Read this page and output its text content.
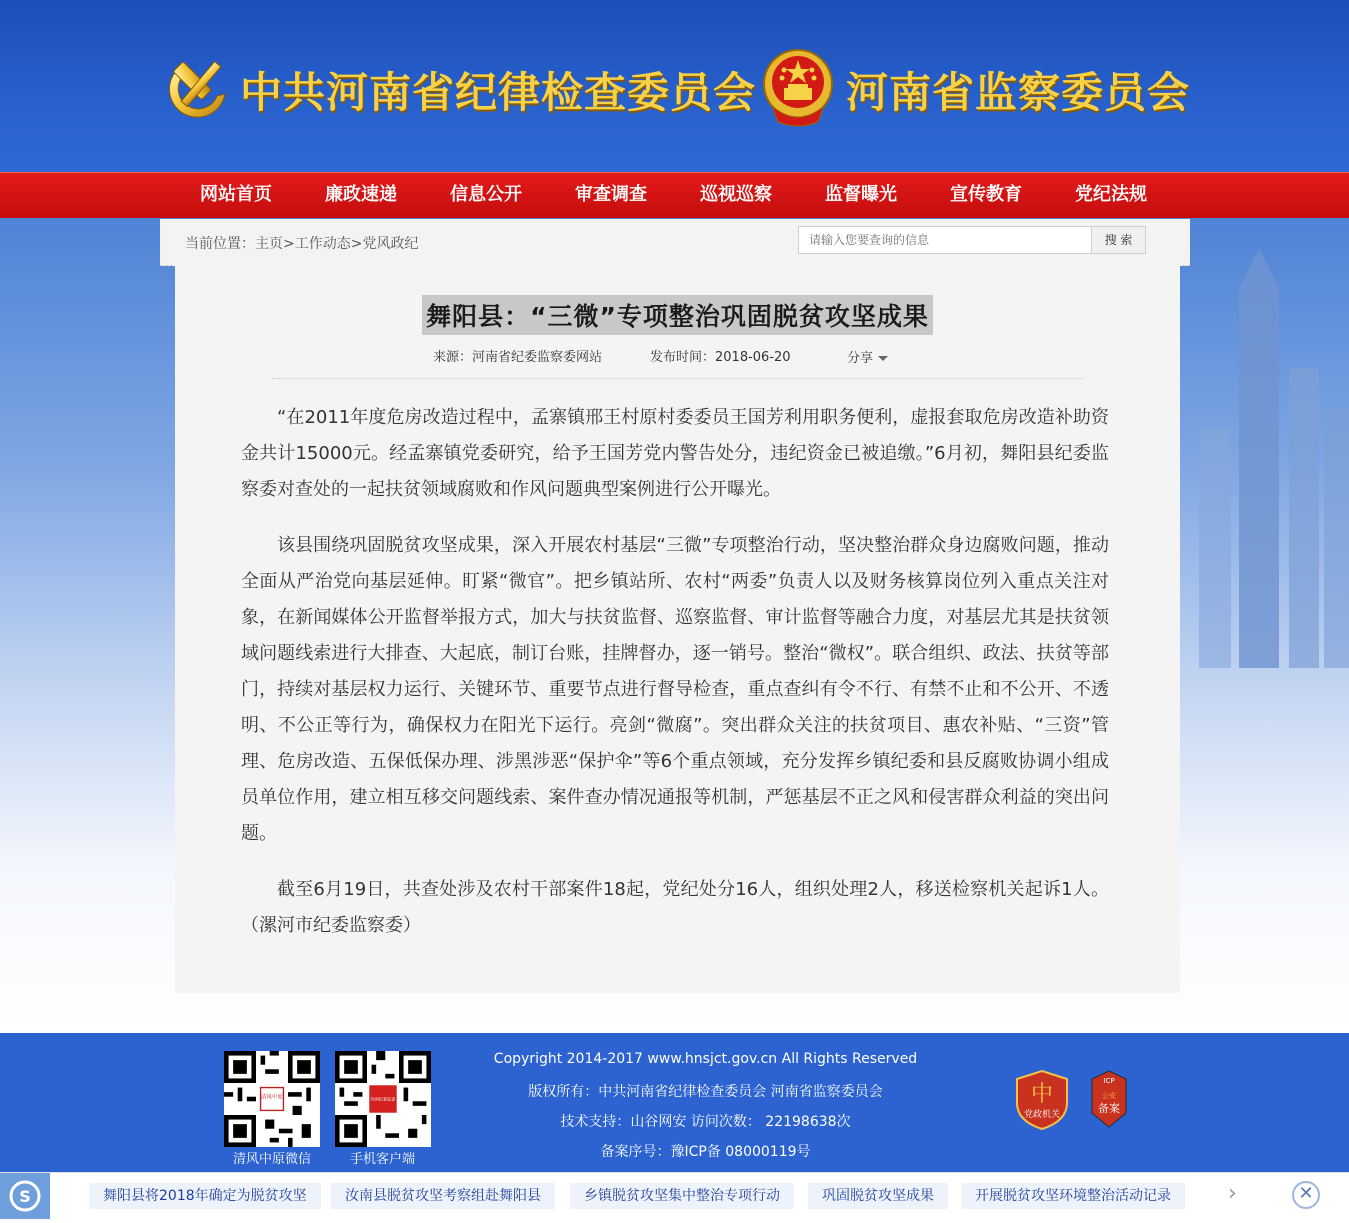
中共河南省纪律检查委员会 河南省监察委员会
网站首页	廉政速递	信息公开	审查调查	巡视巡察	监督曝光	宣传教育	党纪法规
当前位置：主页>工作动态>党风政纪
请输入您要查询的信息	搜 索
舞阳县：“三微”专项整治巩固脱贫攻坚成果
来源：河南省纪委监察委网站	发布时间：2018-06-20	分享

“在2011年度危房改造过程中，孟寨镇邢王村原村委委员王国芳利用职务便利，虚报套取危房改造补助资金共计15000元。经孟寨镇党委研究，给予王国芳党内警告处分，违纪资金已被追缴。”6月初，舞阳县纪委监察委对查处的一起扶贫领域腐败和作风问题典型案例进行公开曝光。

该县围绕巩固脱贫攻坚成果，深入开展农村基层“三微”专项整治行动，坚决整治群众身边腐败问题，推动全面从严治党向基层延伸。盯紧“微官”。把乡镇站所、农村“两委”负责人以及财务核算岗位列入重点关注对象，在新闻媒体公开监督举报方式，加大与扶贫监督、巡察监督、审计监督等融合力度，对基层尤其是扶贫领域问题线索进行大排查、大起底，制订台账，挂牌督办，逐一销号。整治“微权”。联合组织、政法、扶贫等部门，持续对基层权力运行、关键环节、重要节点进行督导检查，重点查纠有令不行、有禁不止和不公开、不透明、不公正等行为，确保权力在阳光下运行。亮剑“微腐”。突出群众关注的扶贫项目、惠农补贴、“三资”管理、危房改造、五保低保办理、涉黑涉恶“保护伞”等6个重点领域，充分发挥乡镇纪委和县反腐败协调小组成员单位作用，建立相互移交问题线索、案件查办情况通报等机制，严惩基层不正之风和侵害群众利益的突出问题。

截至6月19日，共查处涉及农村干部案件18起，党纪处分16人，组织处理2人，移送检察机关起诉1人。（漯河市纪委监察委）

清风中原
清风中原微信	手机客户端
Copyright 2014-2017 www.hnsjct.gov.cn All Rights Reserved
版权所有：中共河南省纪律检查委员会 河南省监察委员会
技术支持：山谷网安 访问次数： 22198638次
备案序号：豫ICP备 08000119号
中
党政机关
ICP
公安
备案
S	舞阳县将2018年确定为脱贫攻坚	汝南县脱贫攻坚考察组赴舞阳县	乡镇脱贫攻坚集中整治专项行动	巩固脱贫攻坚成果	开展脱贫攻坚环境整治活动记录	›	✕
